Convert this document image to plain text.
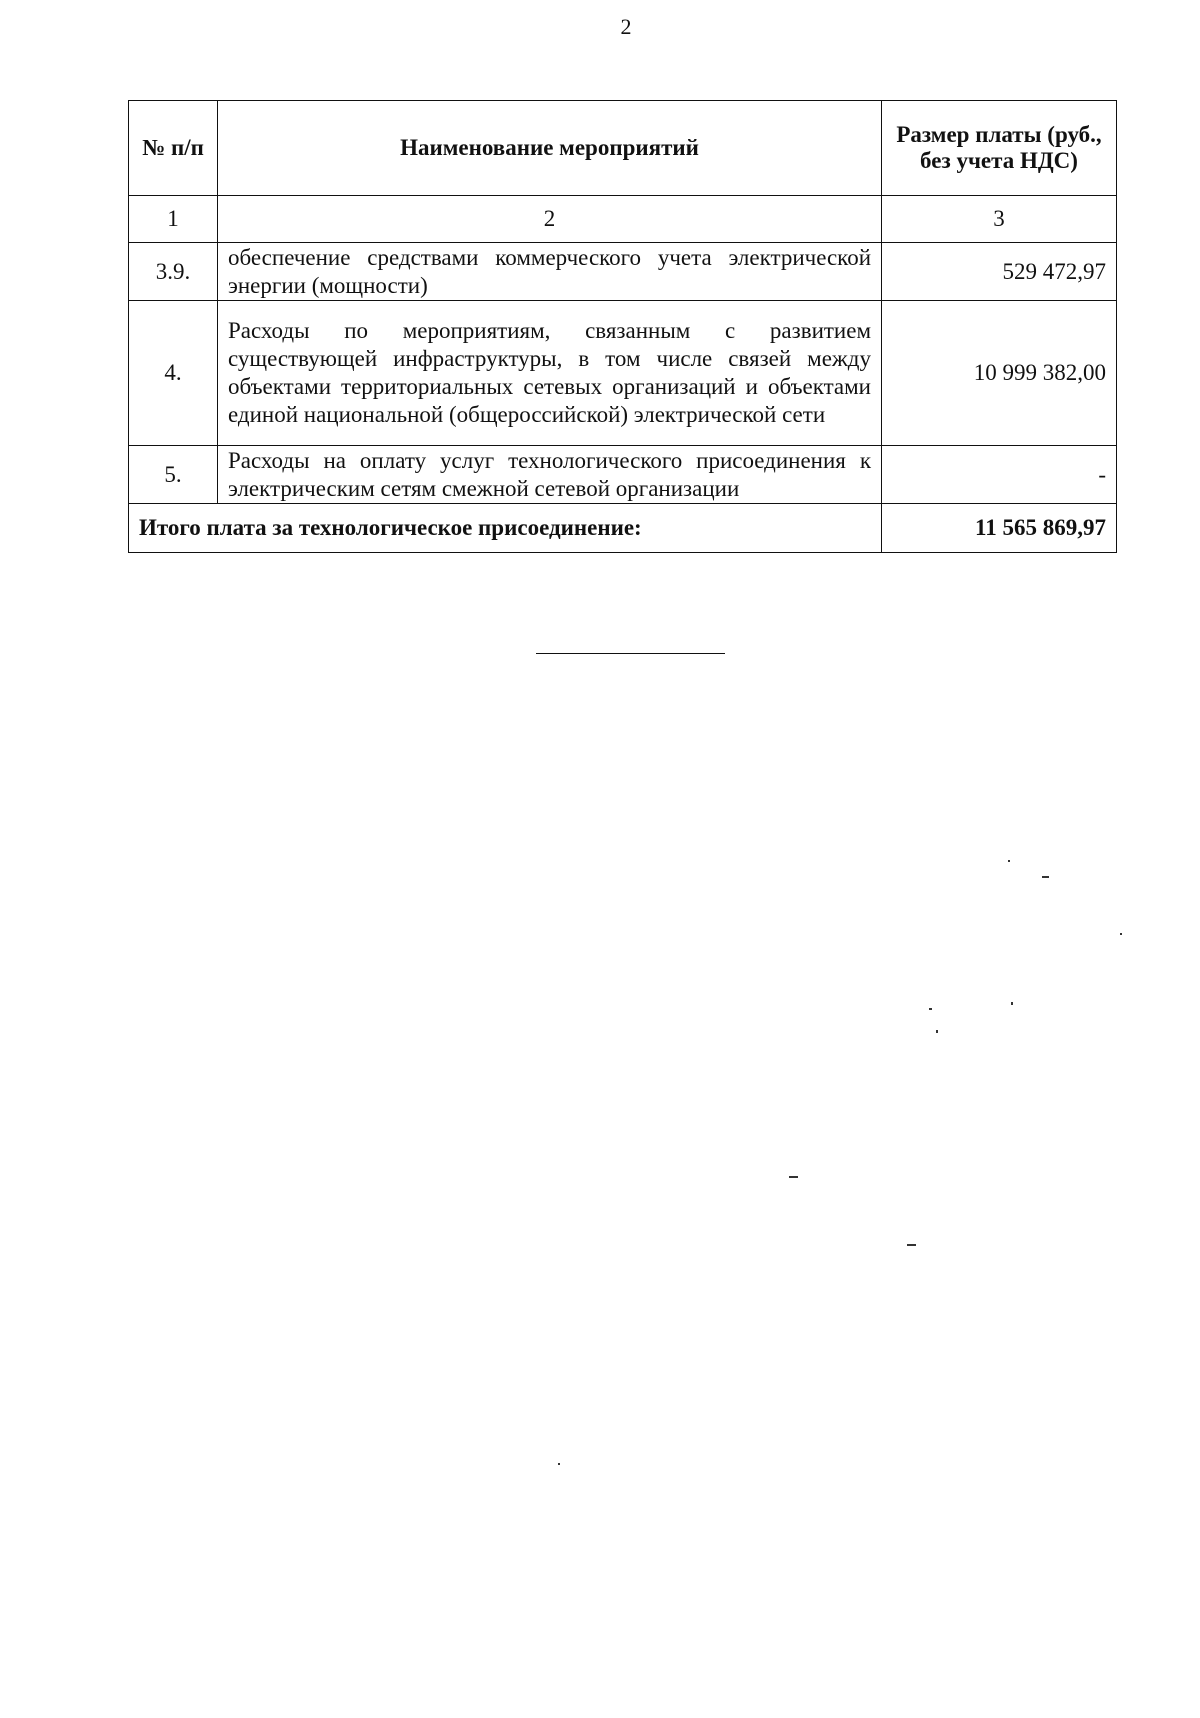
2
№ п/п	Наименование мероприятий	Размер платы (руб., без учета НДС)
1	2	3
3.9.	обеспечение средствами коммерческого учета электрической энергии (мощности)	529 472,97
4.	Расходы по мероприятиям, связанным с развитием существующей инфраструктуры, в том числе связей между объектами территориальных сетевых организаций и объектами единой национальной (общероссийской) электрической сети	10 999 382,00
5.	Расходы на оплату услуг технологического присоединения к электрическим сетям смежной сетевой организации	-
Итого плата за технологическое присоединение:		11 565 869,97
